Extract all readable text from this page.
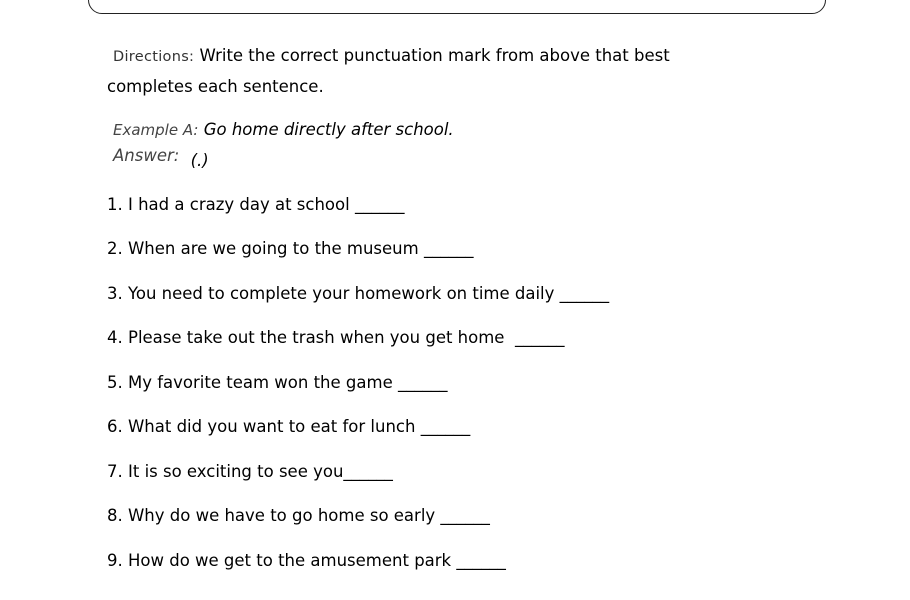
Directions: Write the correct punctuation mark from above that best
completes each sentence.
Example A: Go home directly after school.
Answer: (.)
1. I had a crazy day at school ______
2. When are we going to the museum ______
3. You need to complete your homework on time daily ______
4. Please take out the trash when you get home  ______
5. My favorite team won the game ______
6. What did you want to eat for lunch ______
7. It is so exciting to see you______
8. Why do we have to go home so early ______
9. How do we get to the amusement park ______
